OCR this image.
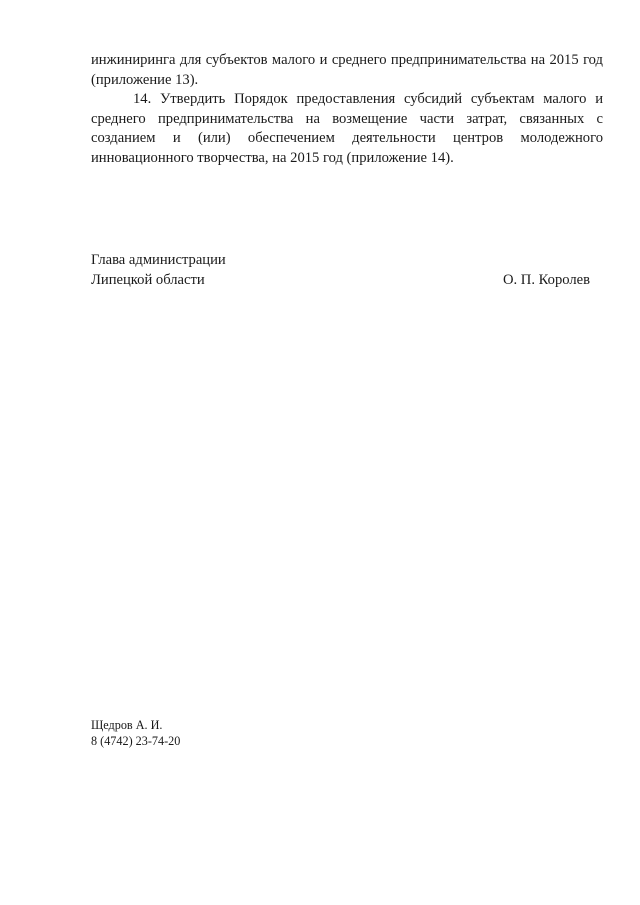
инжиниринга для субъектов малого и среднего предпринимательства на 2015 год (приложение 13).
14. Утвердить Порядок предоставления субсидий субъектам малого и среднего предпринимательства на возмещение части затрат, связанных с созданием и (или) обеспечением деятельности центров молодежного инновационного творчества, на 2015 год (приложение 14).
Глава администрации
Липецкой области	О. П. Королев
Щедров А. И.
8 (4742) 23-74-20
